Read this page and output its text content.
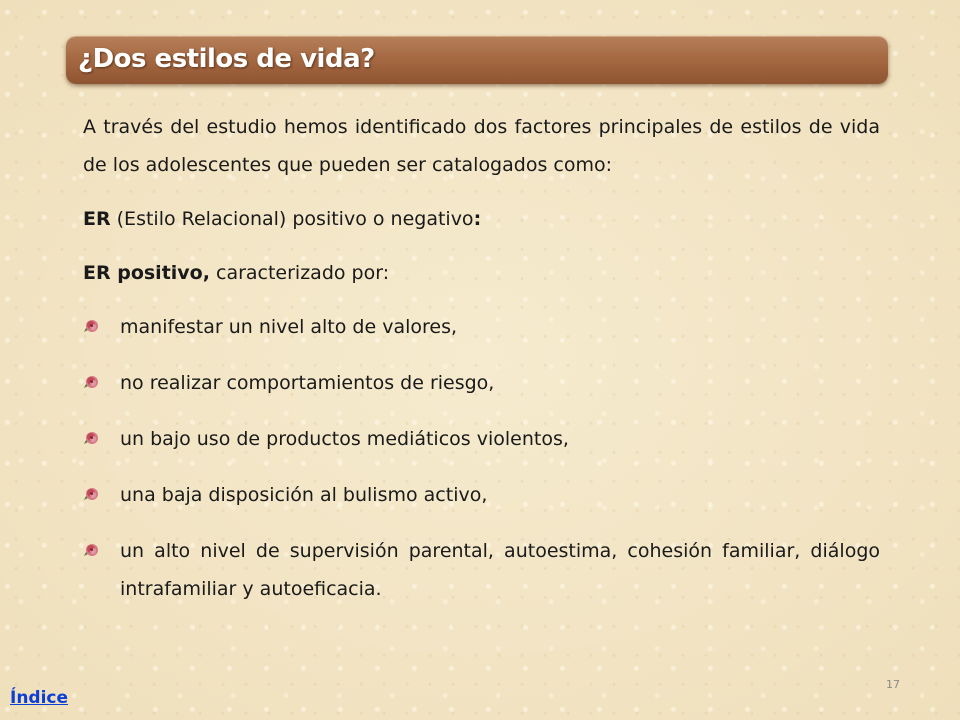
¿Dos estilos de vida?

A través del estudio hemos identificado dos factores principales de estilos de vida de los adolescentes que pueden ser catalogados como:

ER (Estilo Relacional) positivo o negativo:

ER positivo, caracterizado por:

manifestar un nivel alto de valores,
no realizar comportamientos de riesgo,
un bajo uso de productos mediáticos violentos,
una baja disposición al bulismo activo,
un alto nivel de supervisión parental, autoestima, cohesión familiar, diálogo intrafamiliar y autoeficacia.
Índice
17
